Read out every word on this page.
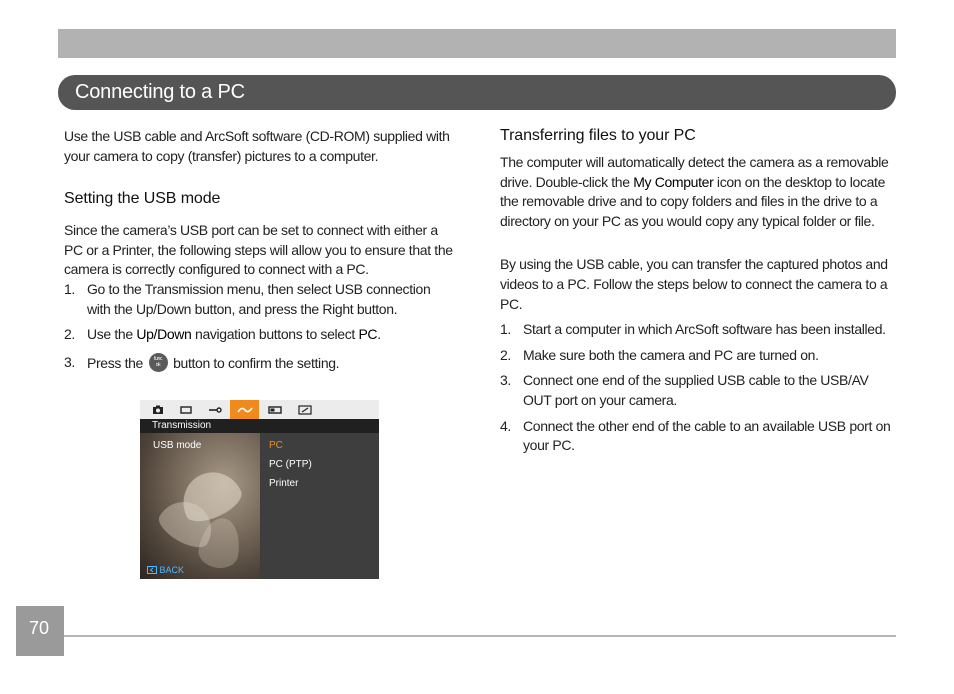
Connecting to a PC

Use the USB cable and ArcSoft software (CD-ROM) supplied with your camera to copy (transfer) pictures to a computer.

Setting the USB mode

Since the camera’s USB port can be set to connect with either a PC or a Printer, the following steps will allow you to ensure that the camera is correctly configured to connect with a PC.

1. Go to the Transmission menu, then select USB connection with the Up/Down button, and press the Right button.
2. Use the Up/Down navigation buttons to select PC.
3. Press the func ok button to confirm the setting.
Transmission
USB mode	PC
PC (PTP)
Printer
BACK
Transferring files to your PC

The computer will automatically detect the camera as a removable drive. Double-click the My Computer icon on the desktop to locate the removable drive and to copy folders and files in the drive to a directory on your PC as you would copy any typical folder or file.

By using the USB cable, you can transfer the captured photos and videos to a PC. Follow the steps below to connect the camera to a PC.

1. Start a computer in which ArcSoft software has been installed.
2. Make sure both the camera and PC are turned on.
3. Connect one end of the supplied USB cable to the USB/AV OUT port on your camera.
4. Connect the other end of the cable to an available USB port on your PC.
70
